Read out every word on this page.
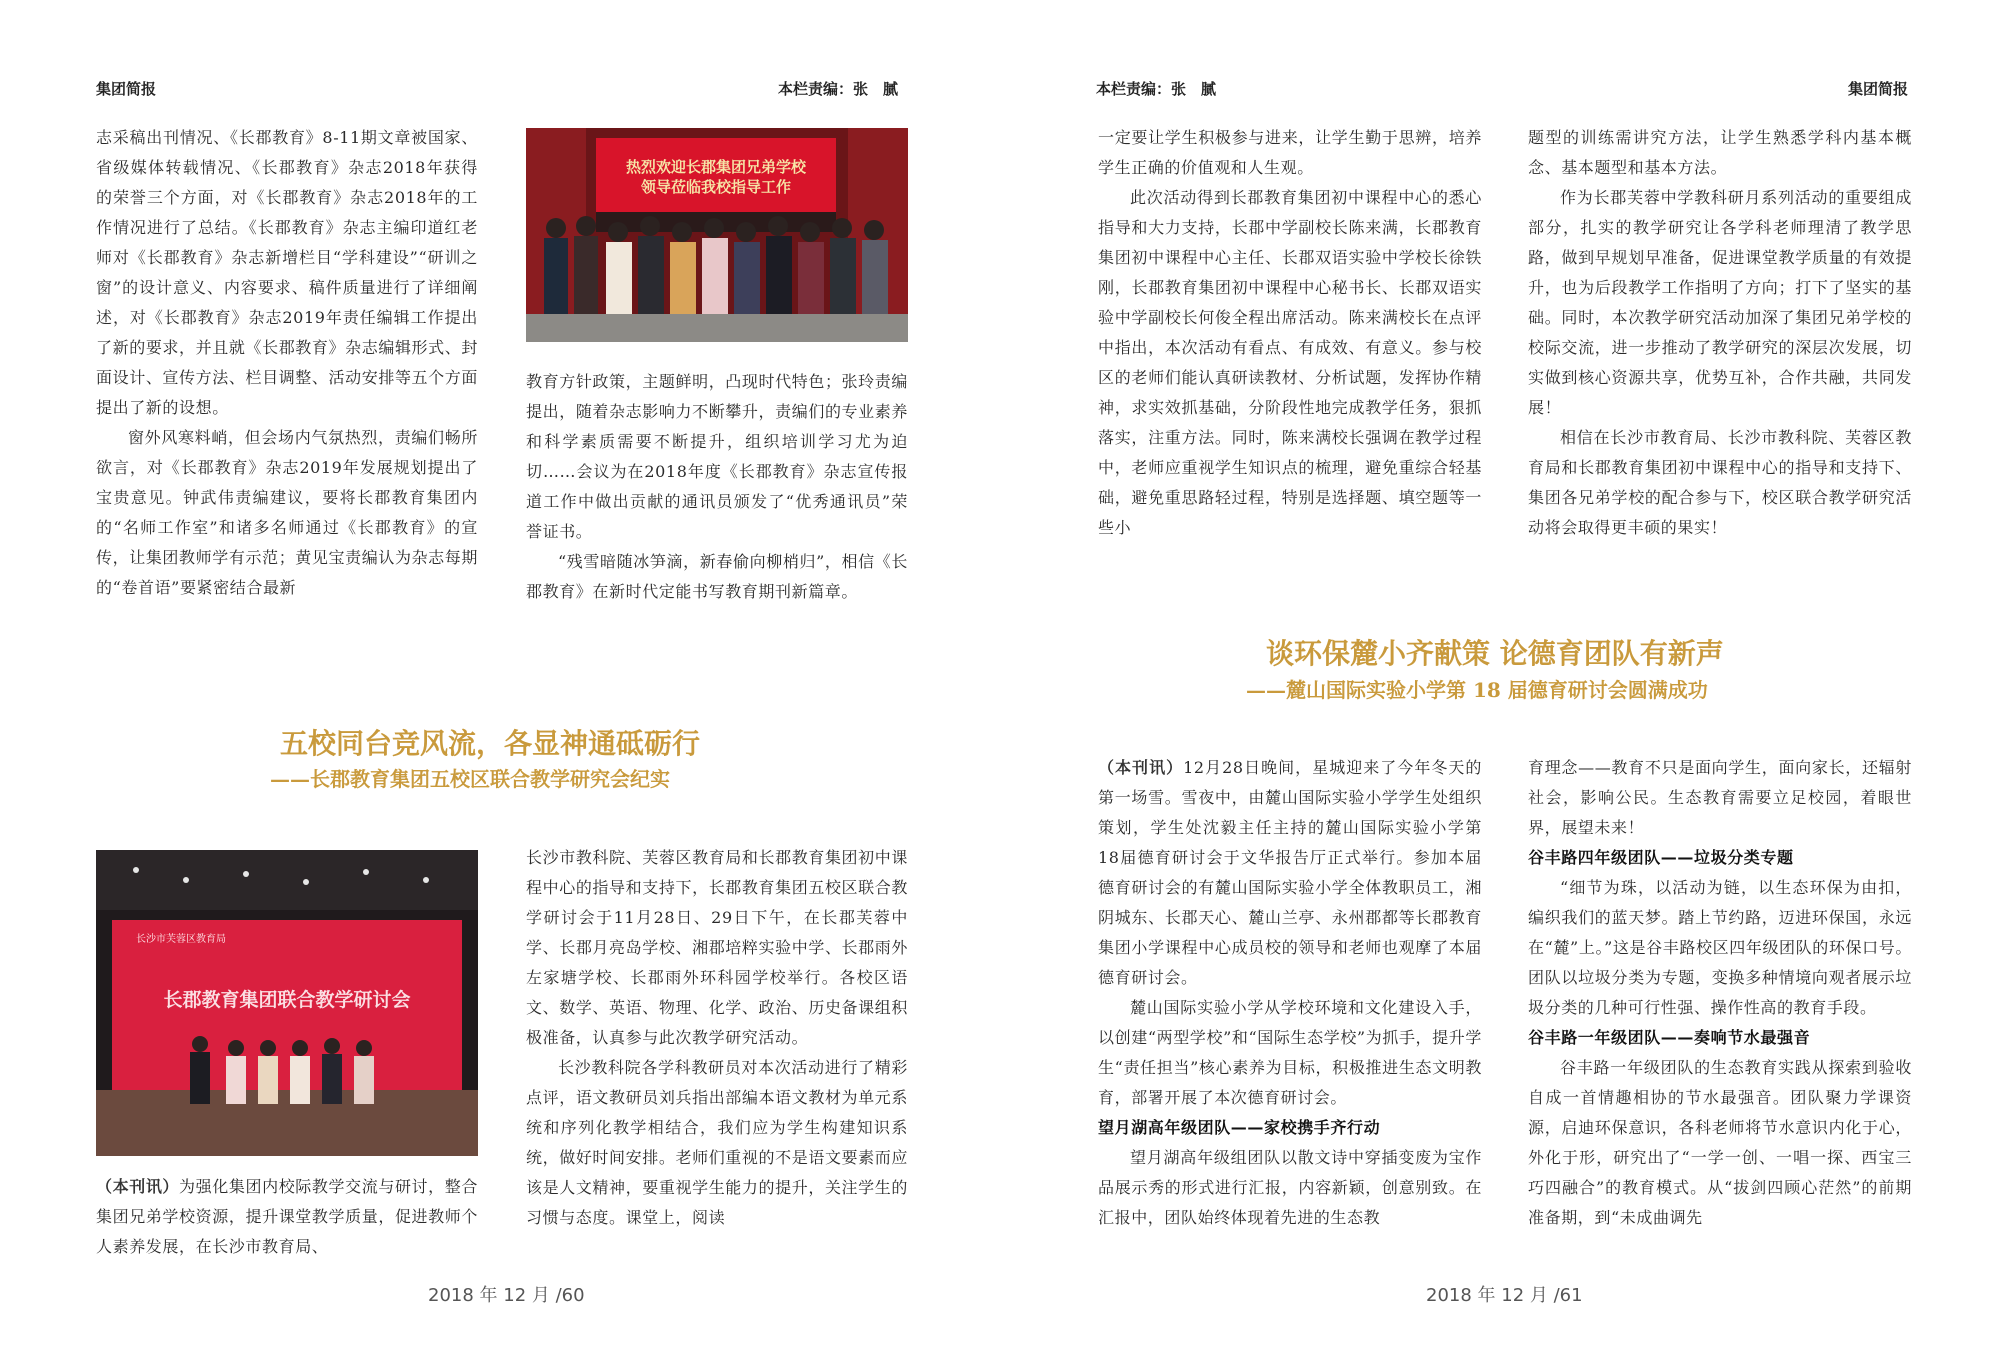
集团简报	本栏责编：张　腻

志采稿出刊情况、《长郡教育》8-11期文章被国家、省级媒体转载情况、《长郡教育》杂志2018年获得的荣誉三个方面，对《长郡教育》杂志2018年的工作情况进行了总结。《长郡教育》杂志主编印道红老师对《长郡教育》杂志新增栏目“学科建设”“研训之窗”的设计意义、内容要求、稿件质量进行了详细阐述，对《长郡教育》杂志2019年责任编辑工作提出了新的要求，并且就《长郡教育》杂志编辑形式、封面设计、宣传方法、栏目调整、活动安排等五个方面提出了新的设想。

窗外风寒料峭，但会场内气氛热烈，责编们畅所欲言，对《长郡教育》杂志2019年发展规划提出了宝贵意见。钟武伟责编建议，要将长郡教育集团内的“名师工作室”和诸多名师通过《长郡教育》的宣传，让集团教师学有示范；黄见宝责编认为杂志每期的“卷首语”要紧密结合最新

热烈欢迎长郡集团兄弟学校
领导莅临我校指导工作

教育方针政策，主题鲜明，凸现时代特色；张玲责编提出，随着杂志影响力不断攀升，责编们的专业素养和科学素质需要不断提升，组织培训学习尤为迫切……会议为在2018年度《长郡教育》杂志宣传报道工作中做出贡献的通讯员颁发了“优秀通讯员”荣誉证书。

“残雪暗随冰笋滴，新春偷向柳梢归”，相信《长郡教育》在新时代定能书写教育期刊新篇章。

五校同台竞风流，各显神通砥砺行
——长郡教育集团五校区联合教学研究会纪实
长沙市芙蓉区教育局
长郡教育集团联合教学研讨会

（本刊讯）为强化集团内校际教学交流与研讨，整合集团兄弟学校资源，提升课堂教学质量，促进教师个人素养发展，在长沙市教育局、

长沙市教科院、芙蓉区教育局和长郡教育集团初中课程中心的指导和支持下，长郡教育集团五校区联合教学研讨会于11月28日、29日下午，在长郡芙蓉中学、长郡月亮岛学校、湘郡培粹实验中学、长郡雨外左家塘学校、长郡雨外环科园学校举行。各校区语文、数学、英语、物理、化学、政治、历史备课组积极准备，认真参与此次教学研究活动。

长沙教科院各学科教研员对本次活动进行了精彩点评，语文教研员刘兵指出部编本语文教材为单元系统和序列化教学相结合，我们应为学生构建知识系统，做好时间安排。老师们重视的不是语文要素而应该是人文精神，要重视学生能力的提升，关注学生的习惯与态度。课堂上，阅读

2018 年 12 月 /60
本栏责编：张　腻	集团简报

一定要让学生积极参与进来，让学生勤于思辨，培养学生正确的价值观和人生观。

此次活动得到长郡教育集团初中课程中心的悉心指导和大力支持，长郡中学副校长陈来满，长郡教育集团初中课程中心主任、长郡双语实验中学校长徐铁刚，长郡教育集团初中课程中心秘书长、长郡双语实验中学副校长何俊全程出席活动。陈来满校长在点评中指出，本次活动有看点、有成效、有意义。参与校区的老师们能认真研读教材、分析试题，发挥协作精神，求实效抓基础，分阶段性地完成教学任务，狠抓落实，注重方法。同时，陈来满校长强调在教学过程中，老师应重视学生知识点的梳理，避免重综合轻基础，避免重思路轻过程，特别是选择题、填空题等一些小

题型的训练需讲究方法，让学生熟悉学科内基本概念、基本题型和基本方法。

作为长郡芙蓉中学教科研月系列活动的重要组成部分，扎实的教学研究让各学科老师理清了教学思路，做到早规划早准备，促进课堂教学质量的有效提升，也为后段教学工作指明了方向；打下了坚实的基础。同时，本次教学研究活动加深了集团兄弟学校的校际交流，进一步推动了教学研究的深层次发展，切实做到核心资源共享，优势互补，合作共融，共同发展！

相信在长沙市教育局、长沙市教科院、芙蓉区教育局和长郡教育集团初中课程中心的指导和支持下、集团各兄弟学校的配合参与下，校区联合教学研究活动将会取得更丰硕的果实！

谈环保麓小齐献策 论德育团队有新声
——麓山国际实验小学第 18 届德育研讨会圆满成功

（本刊讯）12月28日晚间，星城迎来了今年冬天的第一场雪。雪夜中，由麓山国际实验小学学生处组织策划，学生处沈毅主任主持的麓山国际实验小学第18届德育研讨会于文华报告厅正式举行。参加本届德育研讨会的有麓山国际实验小学全体教职员工，湘阴城东、长郡天心、麓山兰亭、永州郡都等长郡教育集团小学课程中心成员校的领导和老师也观摩了本届德育研讨会。

麓山国际实验小学从学校环境和文化建设入手，以创建“两型学校”和“国际生态学校”为抓手，提升学生“责任担当”核心素养为目标，积极推进生态文明教育，部署开展了本次德育研讨会。

望月湖高年级团队——家校携手齐行动

望月湖高年级组团队以散文诗中穿插变废为宝作品展示秀的形式进行汇报，内容新颖，创意别致。在汇报中，团队始终体现着先进的生态教

育理念——教育不只是面向学生，面向家长，还辐射社会，影响公民。生态教育需要立足校园，着眼世界，展望未来！

谷丰路四年级团队——垃圾分类专题

“细节为珠，以活动为链，以生态环保为由扣，编织我们的蓝天梦。踏上节约路，迈进环保国，永远在“麓”上。”这是谷丰路校区四年级团队的环保口号。团队以垃圾分类为专题，变换多种情境向观者展示垃圾分类的几种可行性强、操作性高的教育手段。

谷丰路一年级团队——奏响节水最强音

谷丰路一年级团队的生态教育实践从探索到验收自成一首情趣相协的节水最强音。团队聚力学课资源，启迪环保意识，各科老师将节水意识内化于心，外化于形，研究出了“一学一创、一唱一探、西宝三巧四融合”的教育模式。从“拔剑四顾心茫然”的前期准备期，到“未成曲调先

2018 年 12 月 /61
